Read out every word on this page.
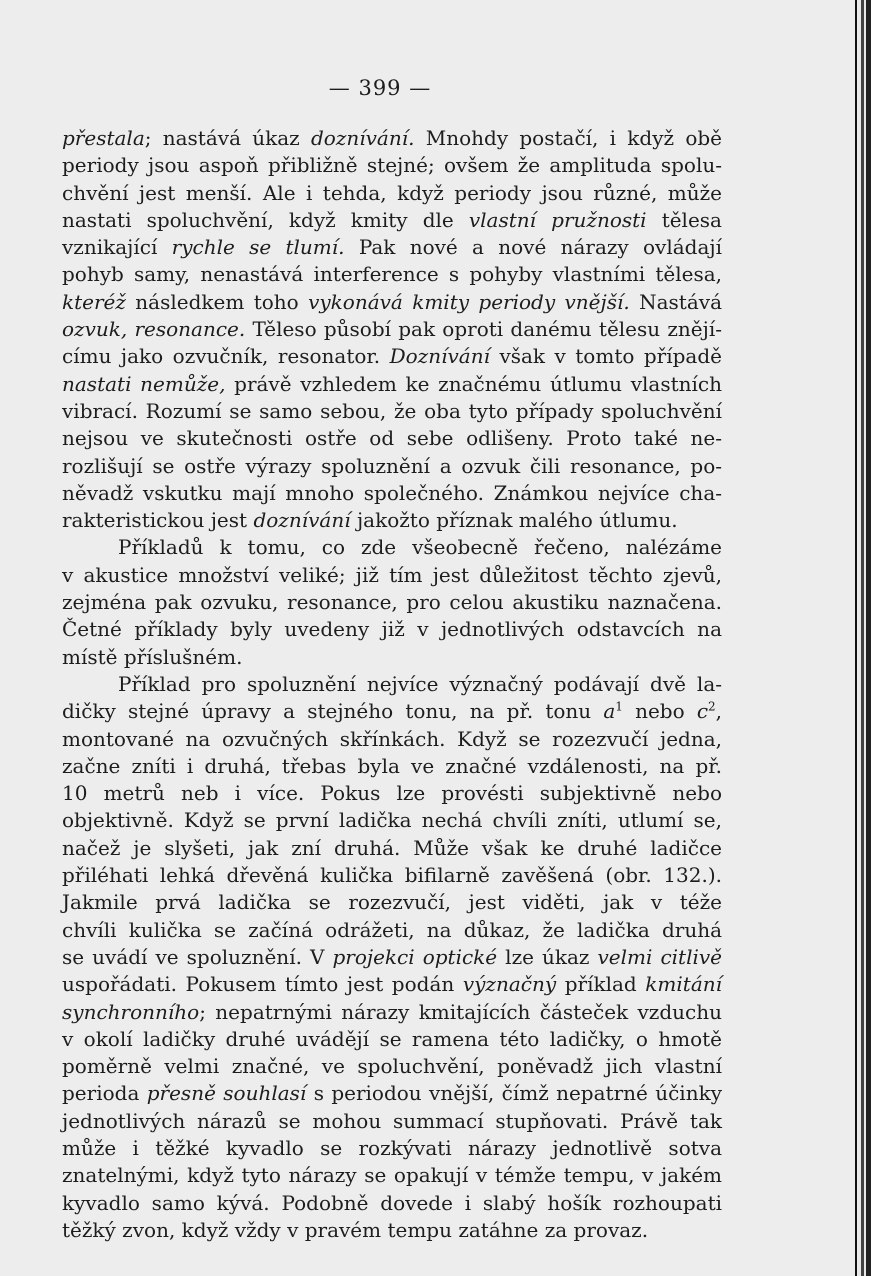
— 399 —
přestala; nastává úkaz doznívání. Mnohdy postačí, i když obě
periody jsou aspoň přibližně stejné; ovšem že amplituda spolu-
chvění jest menší. Ale i tehda, když periody jsou různé, může
nastati spoluchvění, když kmity dle vlastní pružnosti tělesa
vznikající rychle se tlumí. Pak nové a nové nárazy ovládají
pohyb samy, nenastává interference s pohyby vlastními tělesa,
kteréž následkem toho vykonává kmity periody vnější. Nastává
ozvuk, resonance. Těleso působí pak oproti danému tělesu znějí-
címu jako ozvučník, resonator. Doznívání však v tomto případě
nastati nemůže, právě vzhledem ke značnému útlumu vlastních
vibrací. Rozumí se samo sebou, že oba tyto případy spoluchvění
nejsou ve skutečnosti ostře od sebe odlišeny. Proto také ne-
rozlišují se ostře výrazy spoluznění a ozvuk čili resonance, po-
něvadž vskutku mají mnoho společného. Známkou nejvíce cha-
rakteristickou jest doznívání jakožto příznak malého útlumu.
Příkladů k tomu, co zde všeobecně řečeno, nalézáme
v akustice množství veliké; již tím jest důležitost těchto zjevů,
zejména pak ozvuku, resonance, pro celou akustiku naznačena.
Četné příklady byly uvedeny již v jednotlivých odstavcích na
místě příslušném.
Příklad pro spoluznění nejvíce význačný podávají dvě la-
dičky stejné úpravy a stejného tonu, na př. tonu $a^1$ nebo $c^2$,
montované na ozvučných skřínkách. Když se rozezvučí jedna,
začne zníti i druhá, třebas byla ve značné vzdálenosti, na př.
10 metrů neb i více. Pokus lze provésti subjektivně nebo
objektivně. Když se první ladička nechá chvíli zníti, utlumí se,
načež je slyšeti, jak zní druhá. Může však ke druhé ladičce
přiléhati lehká dřevěná kulička bifilarně zavěšená (obr. 132.).
Jakmile prvá ladička se rozezvučí, jest viděti, jak v téže
chvíli kulička se začíná odrážeti, na důkaz, že ladička druhá
se uvádí ve spoluznění. V projekci optické lze úkaz velmi citlivě
uspořádati. Pokusem tímto jest podán význačný příklad kmitání
synchronního; nepatrnými nárazy kmitajících částeček vzduchu
v okolí ladičky druhé uvádějí se ramena této ladičky, o hmotě
poměrně velmi značné, ve spoluchvění, poněvadž jich vlastní
perioda přesně souhlasí s periodou vnější, čímž nepatrné účinky
jednotlivých nárazů se mohou summací stupňovati. Právě tak
může i těžké kyvadlo se rozkývati nárazy jednotlivě sotva
znatelnými, když tyto nárazy se opakují v témže tempu, v jakém
kyvadlo samo kývá. Podobně dovede i slabý hošík rozhoupati
těžký zvon, když vždy v pravém tempu zatáhne za provaz.
